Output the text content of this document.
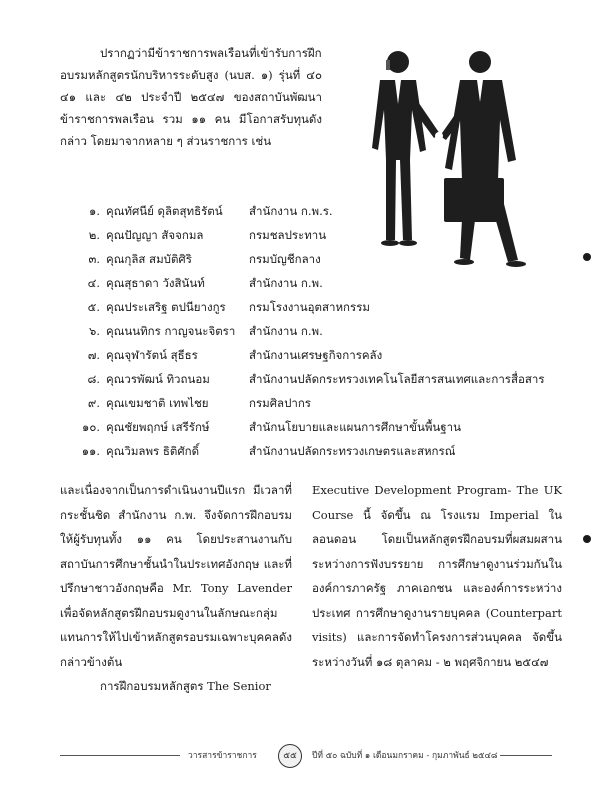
ปรากฏว่ามีข้าราชการพลเรือนที่เข้ารับการฝึกอบรมหลักสูตรนักบริหารระดับสูง (นบส. ๑) รุ่นที่ ๔๐ ๔๑ และ ๔๒ ประจำปี ๒๕๔๗ ของสถาบันพัฒนาข้าราชการพลเรือน รวม ๑๑ คน มีโอกาสรับทุนดังกล่าว โดยมาจากหลาย ๆ ส่วนราชการ เช่น

๑. คุณทัศนีย์ ดุลิตสุทธิรัตน์ สำนักงาน ก.พ.ร.
๒. คุณปัญญา สัจจกมล	กรมชลประทาน
๓. คุณกุลิส สมบัติศิริ	กรมบัญชีกลาง
๔. คุณสุธาดา วังสินันท์	สำนักงาน ก.พ.
๕. คุณประเสริฐ ตปนียางกูร กรมโรงงานอุตสาหกรรม
๖. คุณนนทิกร กาญจนะจิตรา สำนักงาน ก.พ.
๗. คุณจุฬารัตน์ สุธีธร	สำนักงานเศรษฐกิจการคลัง
๘. คุณวรพัฒน์ ทิวถนอม	สำนักงานปลัดกระทรวงเทคโนโลยีสารสนเทศและการสื่อสาร
๙. คุณเขมชาติ เทพไชย	กรมศิลปากร
๑๐. คุณชัยพฤกษ์ เสรีรักษ์	สำนักนโยบายและแผนการศึกษาขั้นพื้นฐาน
๑๑. คุณวิมลพร ธิติศักดิ์	สำนักงานปลัดกระทรวงเกษตรและสหกรณ์

และเนื่องจากเป็นการดำเนินงานปีแรก มีเวลาที่กระชั้นชิด สำนักงาน ก.พ. จึงจัดการฝึกอบรมให้ผู้รับทุนทั้ง ๑๑ คน โดยประสานงานกับสถาบันการศึกษาชั้นนำในประเทศอังกฤษ และที่ปรึกษาชาวอังกฤษคือ Mr. Tony Lavender เพื่อจัดหลักสูตรฝึกอบรมดูงานในลักษณะกลุ่ม แทนการให้ไปเข้าหลักสูตรอบรมเฉพาะบุคคลดังกล่าวข้างต้น

การฝึกอบรมหลักสูตร The Senior

Executive Development Program- The UK Course นี้ จัดขึ้น ณ โรงแรม Imperial ในลอนดอน โดยเป็นหลักสูตรฝึกอบรมที่ผสมผสานระหว่างการฟังบรรยาย การศึกษาดูงานร่วมกันในองค์การภาครัฐ ภาคเอกชน และองค์การระหว่างประเทศ การศึกษาดูงานรายบุคคล (Counterpart visits) และการจัดทำโครงการส่วนบุคคล จัดขึ้นระหว่างวันที่ ๑๘ ตุลาคม - ๒ พฤศจิกายน ๒๕๔๗

วารสารข้าราชการ	๕๕	ปีที่ ๕๐ ฉบับที่ ๑ เดือนมกราคม - กุมภาพันธ์ ๒๕๔๘
